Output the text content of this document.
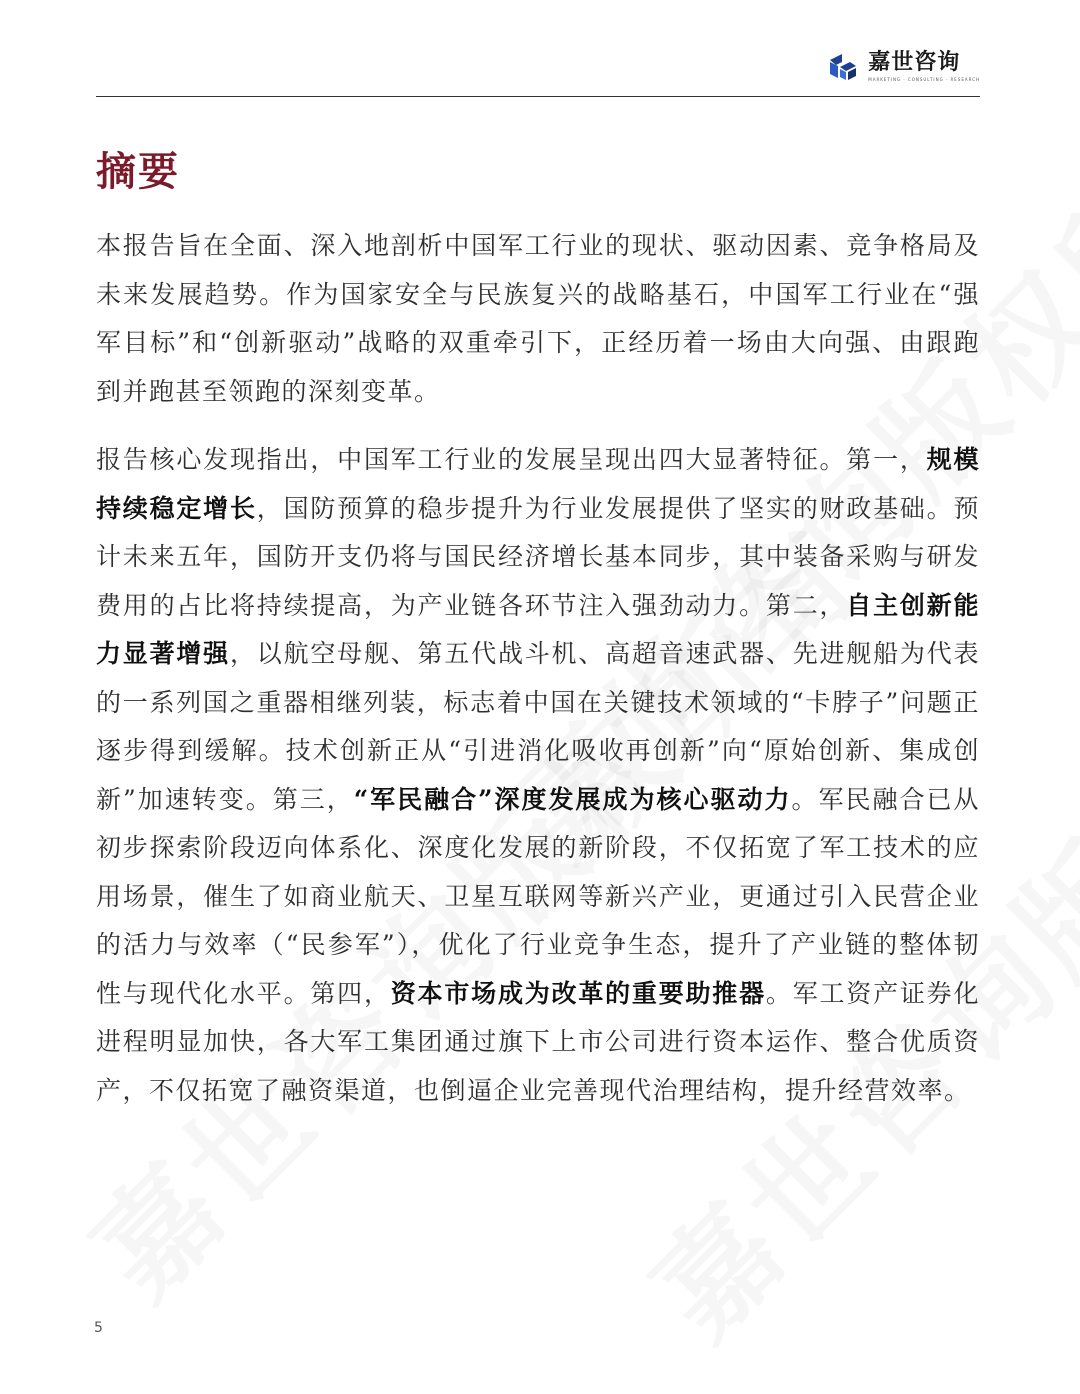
嘉世咨询
MARKETING · CONSULTING · RESEARCH
摘要

本报告旨在全面、深入地剖析中国军工行业的现状、驱动因素、竞争格局及未来发展趋势。作为国家安全与民族复兴的战略基石，中国军工行业在“强军目标”和“创新驱动”战略的双重牵引下，正经历着一场由大向强、由跟跑到并跑甚至领跑的深刻变革。

报告核心发现指出，中国军工行业的发展呈现出四大显著特征。第一，规模持续稳定增长，国防预算的稳步提升为行业发展提供了坚实的财政基础。预计未来五年，国防开支仍将与国民经济增长基本同步，其中装备采购与研发费用的占比将持续提高，为产业链各环节注入强劲动力。第二，自主创新能力显著增强，以航空母舰、第五代战斗机、高超音速武器、先进舰船为代表的一系列国之重器相继列装，标志着中国在关键技术领域的“卡脖子”问题正逐步得到缓解。技术创新正从“引进消化吸收再创新”向“原始创新、集成创新”加速转变。第三，“军民融合”深度发展成为核心驱动力。军民融合已从初步探索阶段迈向体系化、深度化发展的新阶段，不仅拓宽了军工技术的应用场景，催生了如商业航天、卫星互联网等新兴产业，更通过引入民营企业的活力与效率（“民参军”），优化了行业竞争生态，提升了产业链的整体韧性与现代化水平。第四，资本市场成为改革的重要助推器。军工资产证券化进程明显加快，各大军工集团通过旗下上市公司进行资本运作、整合优质资产，不仅拓宽了融资渠道，也倒逼企业完善现代治理结构，提升经营效率。

5
